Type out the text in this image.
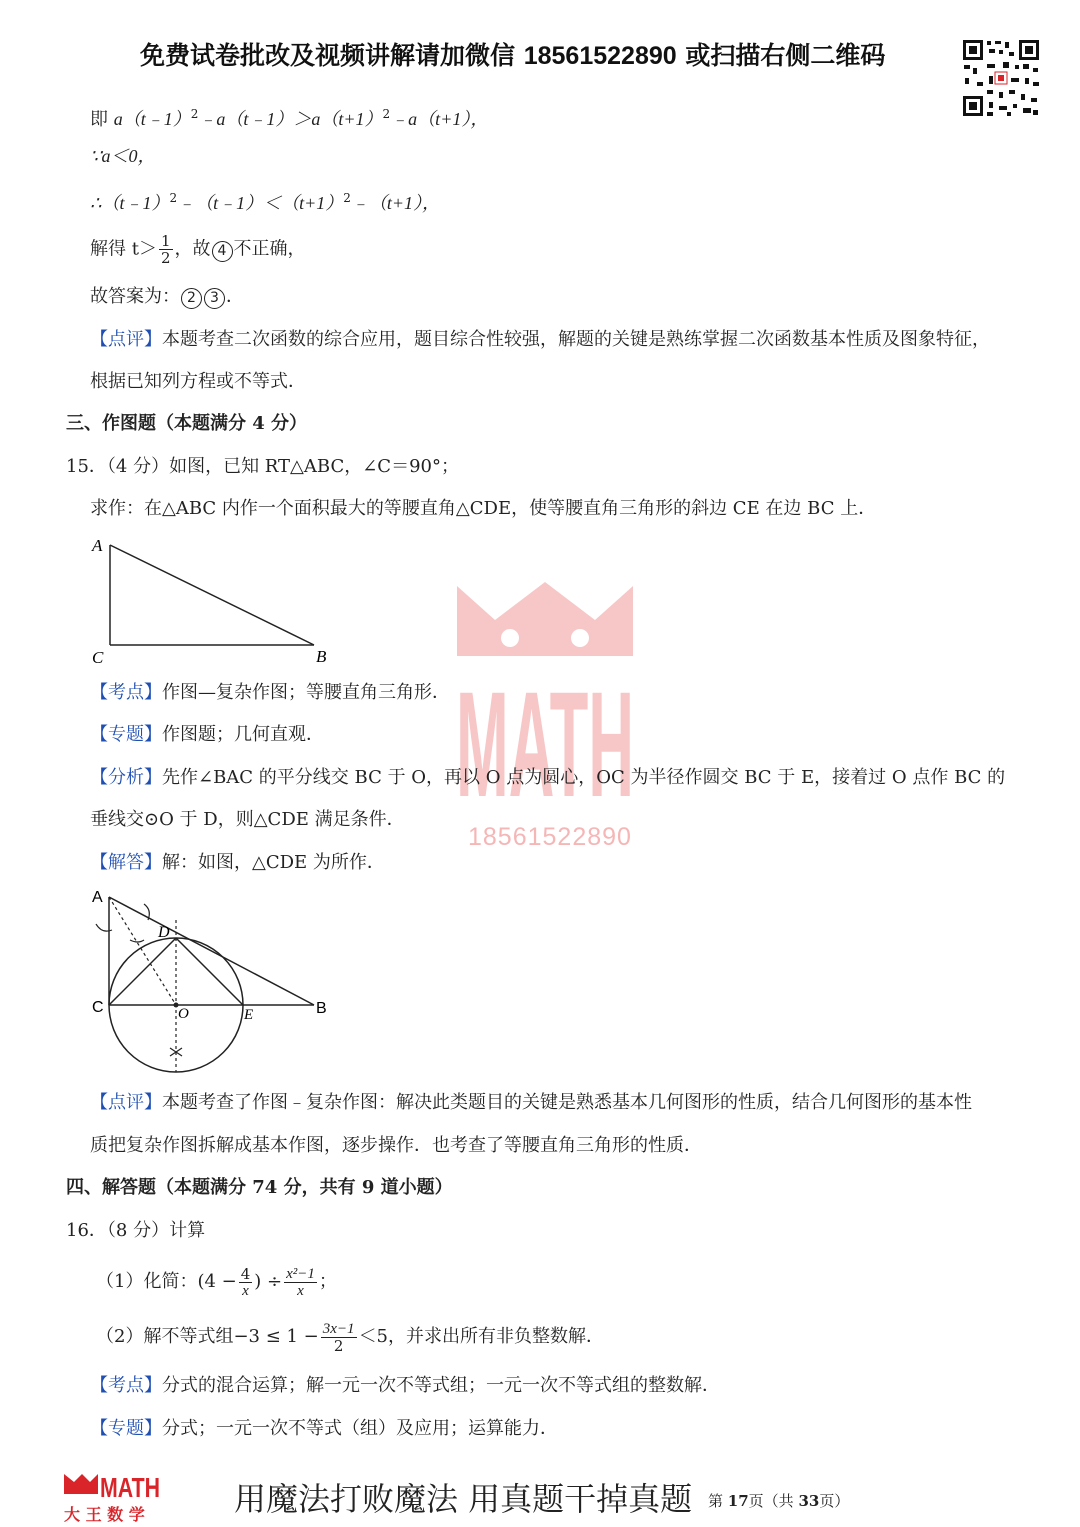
免费试卷批改及视频讲解请加微信 18561522890 或扫描右侧二维码
即 $a(t﹣1)^2﹣a(t﹣1)>a(t+1)^2﹣a(t+1)$，
∵a＜0，
$\therefore(t﹣1)^2﹣(t﹣1)<(t+1)^2﹣(t+1)$，
解得 $t> \frac{1}{2}$ ，故 4 不正确，
故答案为： 2 3 ．
【点评】本题考查二次函数的综合应用，题目综合性较强，解题的关键是熟练掌握二次函数基本性质及图象特征，
根据已知列方程或不等式．
三、作图题（本题满分 4 分）
15．（4 分）如图，已知 RT△ABC，∠C＝90°；
求作：在△ABC 内作一个面积最大的等腰直角△CDE，使等腰直角三角形的斜边 CE 在边 BC 上．
A
C	B
MATH
18561522890
【考点】作图—复杂作图；等腰直角三角形．
【专题】作图题；几何直观．
【分析】先作∠BAC 的平分线交 BC 于 O，再以 O 点为圆心，OC 为半径作圆交 BC 于 E，接着过 O 点作 BC 的
垂线交⊙O 于 D，则△CDE 满足条件．
【解答】解：如图，△CDE 为所作．
A
C	B
D
O	E
【点评】本题考查了作图﹣复杂作图：解决此类题目的关键是熟悉基本几何图形的性质，结合几何图形的基本性
质把复杂作图拆解成基本作图，逐步操作．也考查了等腰直角三角形的性质．
四、解答题（本题满分 74 分，共有 9 道小题）
16．（8 分）计算
（1）化简：($4 - \frac{4}{x}$ ) ÷ $\frac{\text{x²−1}}{x}$ ；
（2）解不等式组$-3 \le 1 - \frac{3x-1}{2} <5$，并求出所有非负整数解．
【考点】分式的混合运算；解一元一次不等式组；一元一次不等式组的整数解．
【专题】分式；一元一次不等式（组）及应用；运算能力．
MATH
大 王 数 学	用魔法打败魔法 用真题干掉真题 第 17页（共 33页）
